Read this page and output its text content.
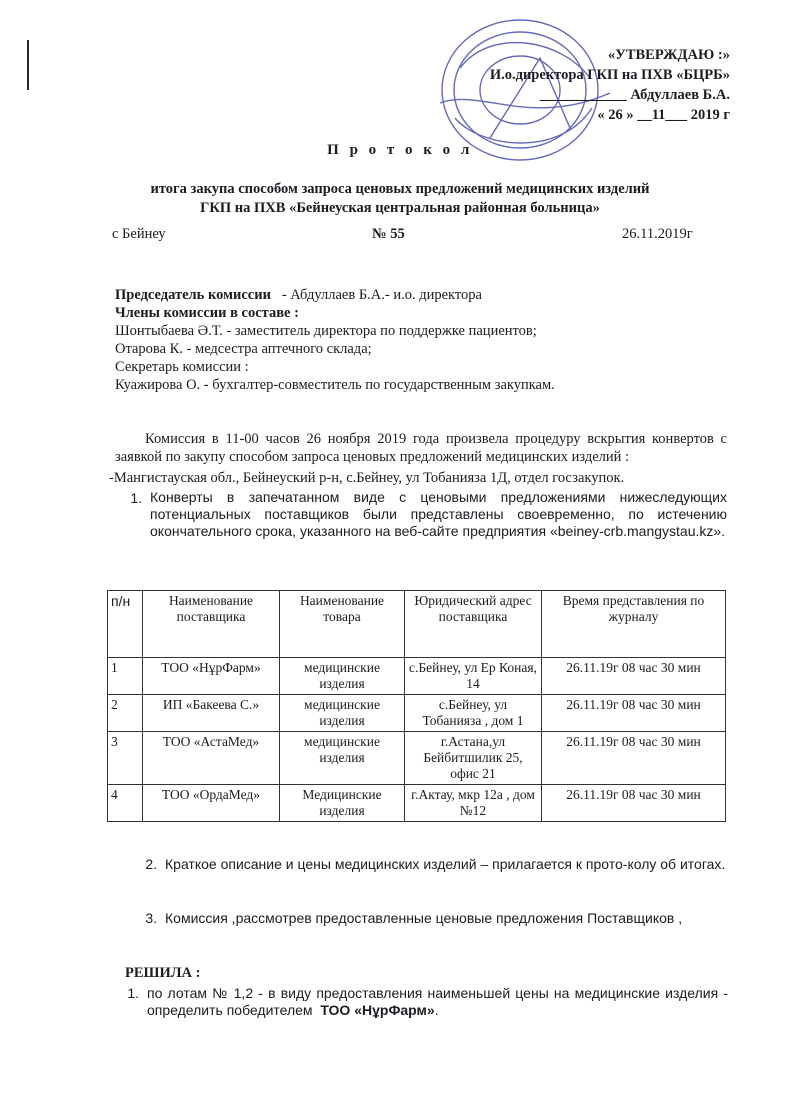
«УТВЕРЖДАЮ :»
И.о.директора ГКП на ПХВ «БЦРБ»
____________ Абдуллаев Б.А.
« 26 » __11___ 2019 г
П р о т о к о л
итога закупа способом запроса ценовых предложений медицинских изделий
ГКП на ПХВ «Бейнеуская центральная районная больница»
с Бейнеу	№ 55	26.11.2019г
Председатель комиссии - Абдуллаев Б.А.- и.о. директора
Члены комиссии в составе :
Шонтыбаева Ә.Т. - заместитель директора по поддержке пациентов;
Отарова К. - медсестра аптечного склада;
Секретарь комиссии :
Куажирова О. - бухгалтер-совместитель по государственным закупкам.

Комиссия в 11-00 часов 26 ноября 2019 года произвела процедуру вскрытия конвертов с заявкой по закупу способом запроса ценовых предложений медицинских изделий :

-Мангистауская обл., Бейнеуский р-н, с.Бейнеу, ул Тобанияза 1Д, отдел госзакупок.

1. Конверты в запечатанном виде с ценовыми предложениями нижеследующих потенциальных поставщиков были представлены своевременно, по истечению окончательного срока, указанного на веб-сайте предприятия «beiney-crb.mangystau.kz».
п/н	Наименование поставщика	Наименование товара	Юридический адрес поставщика	Время представления по журналу
1	ТОО «НұрФарм»	медицинские изделия	с.Бейнеу, ул Ер Коная, 14	26.11.19г 08 час 30 мин
2	ИП «Бакеева С.»	медицинские изделия	с.Бейнеу, ул Тобанияза , дом 1	26.11.19г 08 час 30 мин
3	ТОО «АстаМед»	медицинские изделия	г.Астана,ул Бейбитшилик 25, офис 21	26.11.19г 08 час 30 мин
4	ТОО «ОрдаМед»	Медицинские изделия	г.Актау, мкр 12а , дом №12	26.11.19г 08 час 30 мин
2. Краткое описание и цены медицинских изделий – прилагается к прото-колу об итогах.
3. Комиссия ,рассмотрев предоставленные ценовые предложения Поставщиков ,
РЕШИЛА :
1. по лотам № 1,2 - в виду предоставления наименьшей цены на медицинские изделия - определить победителем ТОО «НұрФарм».
